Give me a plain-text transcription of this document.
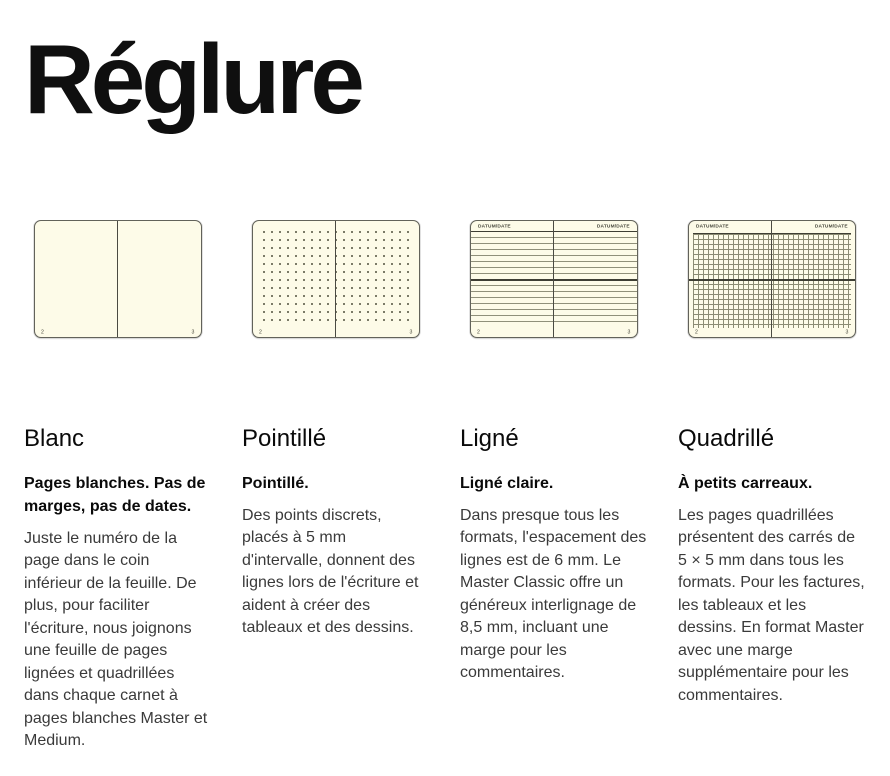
Réglure
2	3
Blanc

Pages blanches. Pas de marges, pas de dates.

Juste le numéro de la page dans le coin inférieur de la feuille. De plus, pour faciliter l'écriture, nous joignons une feuille de pages lignées et quadrillées dans chaque carnet à pages blanches Master et Medium.

2	3
Pointillé

Pointillé.

Des points discrets, placés à 5 mm d'intervalle, donnent des lignes lors de l'écriture et aident à créer des tableaux et des dessins.

DATUM/DATE	DATUM/DATE
2	3
Ligné

Ligné claire.

Dans presque tous les formats, l'espacement des lignes est de 6 mm. Le Master Classic offre un généreux interlignage de 8,5 mm, incluant une marge pour les commentaires.

DATUM/DATE	DATUM/DATE
2	3
Quadrillé

À petits carreaux.

Les pages quadrillées présentent des carrés de 5 × 5 mm dans tous les formats. Pour les factures, les tableaux et les dessins. En format Master avec une marge supplémentaire pour les commentaires.
